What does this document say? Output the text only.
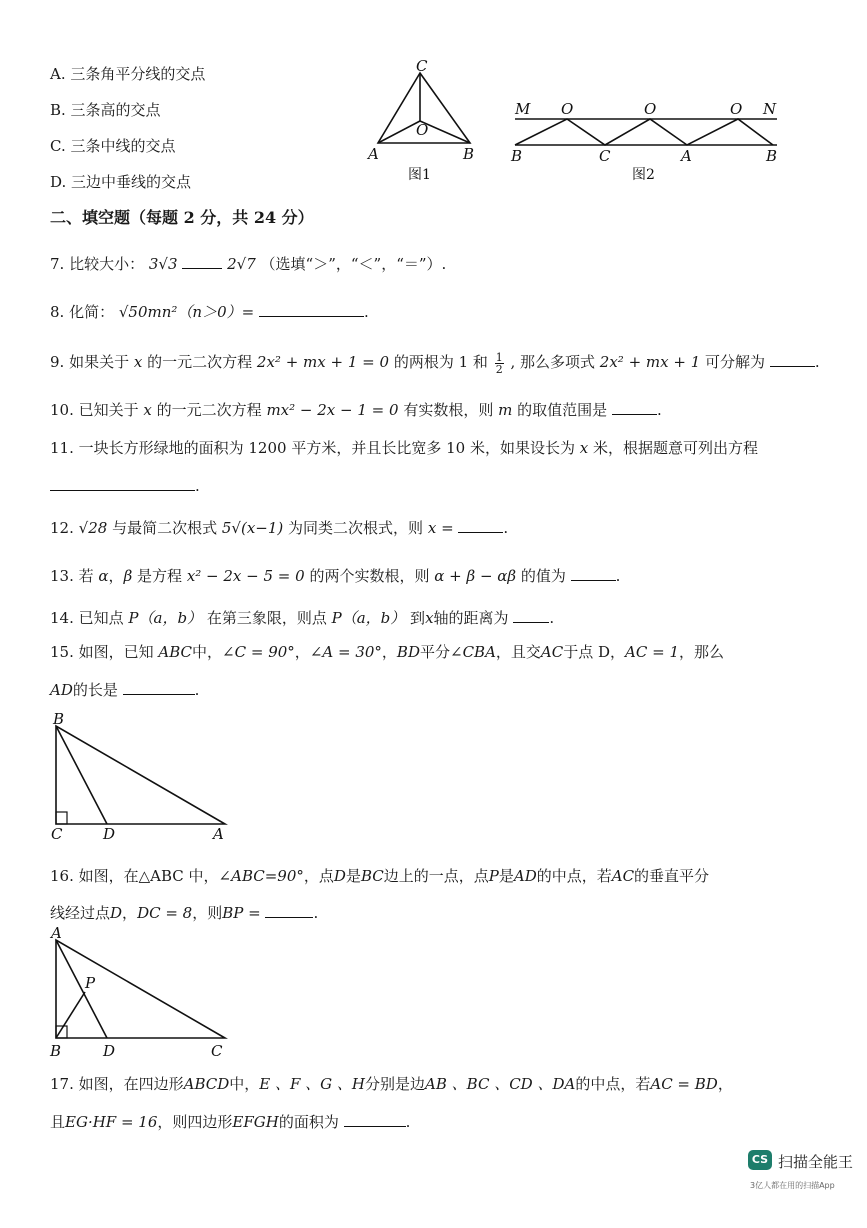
A. 三条角平分线的交点
B. 三条高的交点
C. 三条中线的交点
D. 三边中垂线的交点
C
O
A	B
图1
M O	O	O N
B	C	A	B
图2
二、填空题（每题 2 分，共 24 分）
7. 比较大小： 3√3	2√7 （选填“＞”，“＜”，“＝”）.
8. 化简： √50mn²（n＞0）=	.
9. 如果关于 x 的一元二次方程 2x² + mx + 1 = 0 的两根为 1 和 $\frac{1}{2}$ , 那么多项式 2x² + mx + 1 可分解为	.
10. 已知关于 x 的一元二次方程 mx² − 2x − 1 = 0 有实数根，则 m 的取值范围是	.
11. 一块长方形绿地的面积为 1200 平方米，并且长比宽多 10 米，如果设长为 x 米，根据题意可列出方程
.
12. √28 与最简二次根式 5√(x−1) 为同类二次根式，则 x =	.
13. 若 α，β 是方程 x² − 2x − 5 = 0 的两个实数根，则 α + β − αβ 的值为	.
14. 已知点 P（a，b） 在第三象限，则点 P（a，b） 到x轴的距离为	.
15. 如图，已知 ABC中，∠C = 90°，∠A = 30°，BD平分∠CBA，且交AC于点 D，AC = 1，那么
AD的长是	.
B
C	D	A
16. 如图，在△ABC 中，∠ABC=90°，点D是BC边上的一点，点P是AD的中点，若AC的垂直平分
线经过点D，DC = 8，则BP =	.
A
P
B	D	C
17. 如图，在四边形ABCD中，E 、F 、G 、H分别是边AB 、BC 、CD 、DA的中点，若AC = BD，
且EG·HF = 16，则四边形EFGH的面积为	.
CS 扫描全能王
3亿人都在用的扫描App
